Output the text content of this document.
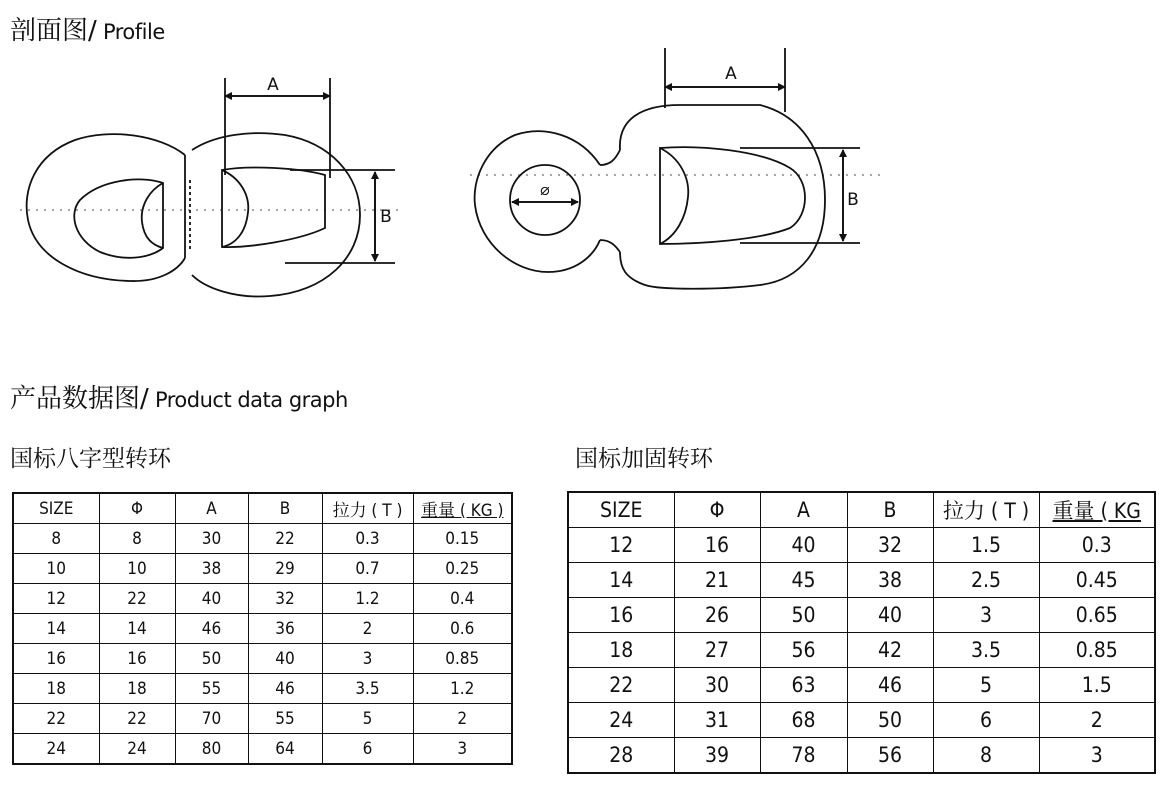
剖面图/ Profile
A
B
A
B
⌀
产品数据图/ Product data graph
国标八字型转环	国标加固转环
SIZE	Φ	A	B	拉力 ( T )	重量 ( KG )
8	8	30	22	0.3	0.15
10	10	38	29	0.7	0.25
12	22	40	32	1.2	0.4
14	14	46	36	2	0.6
16	16	50	40	3	0.85
18	18	55	46	3.5	1.2
22	22	70	55	5	2
24	24	80	64	6	3
SIZE	Φ	A	B	拉力 ( T )	重量 ( KG
12	16	40	32	1.5	0.3
14	21	45	38	2.5	0.45
16	26	50	40	3	0.65
18	27	56	42	3.5	0.85
22	30	63	46	5	1.5
24	31	68	50	6	2
28	39	78	56	8	3
